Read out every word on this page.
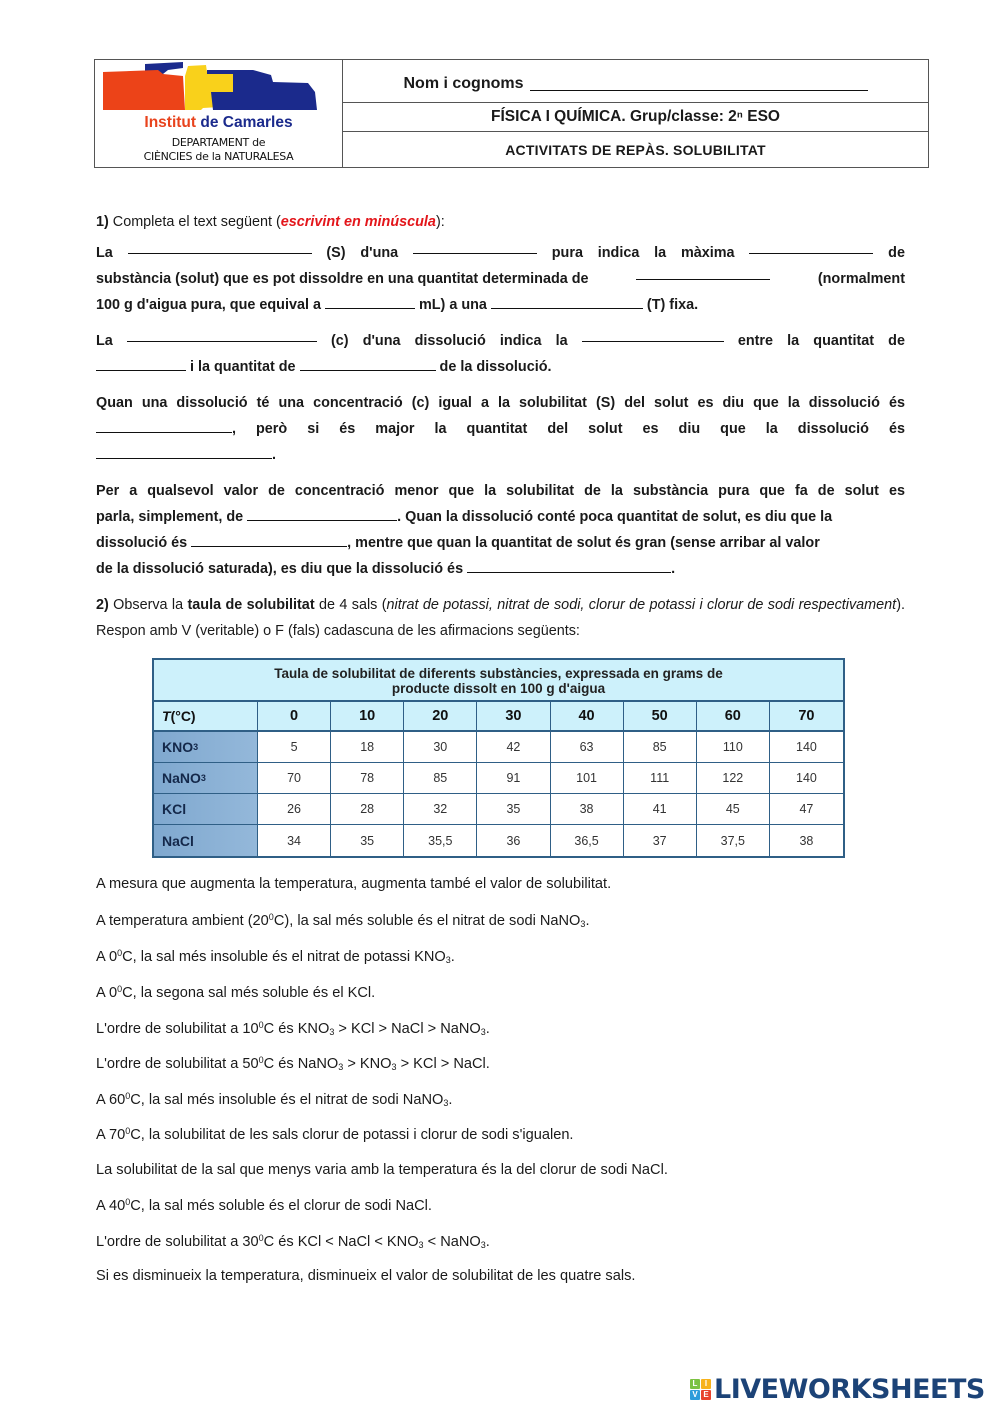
Institut de Camarles
DEPARTAMENT de
CIÈNCIES de la NATURALESA
Nom i cognoms
FÍSICA I QUÍMICA. Grup/classe: 2ⁿ ESO
ACTIVITATS DE REPÀS. SOLUBILITAT
1) Completa el text següent (escrivint en minúscula):
La	(S) d'una	pura indica la màxima	de
substància (solut) que es pot dissoldre en una quantitat determinada de	(normalment
100 g d'aigua pura, que equival a	mL) a una	(T) fixa.
La	(c) d'una dissolució indica la	entre la quantitat de
i la quantitat de	de la dissolució.
Quan una dissolució té una concentració (c) igual a la solubilitat (S) del solut es diu que la dissolució és
, però si és major la quantitat del solut es diu que la dissolució és
.
Per a qualsevol valor de concentració menor que la solubilitat de la substància pura que fa de solut es
parla, simplement, de	. Quan la dissolució conté poca quantitat de solut, es diu que la
dissolució és	, mentre que quan la quantitat de solut és gran (sense arribar al valor
de la dissolució saturada), es diu que la dissolució és	.
2) Observa la taula de solubilitat de 4 sals (nitrat de potassi, nitrat de sodi, clorur de potassi i clorur de sodi respectivament). Respon amb V (veritable) o F (fals) cadascuna de les afirmacions següents:
Taula de solubilitat de diferents substàncies, expressada en grams de
producte dissolt en 100 g d'aigua
T (°C)	0	10	20	30	40	50	60	70
KNO 3	5	18	30	42	63	85	110	140
NaNO 3	70	78	85	91	101	111	122	140
KCl	26	28	32	35	38	41	45	47
NaCl	34	35	35,5	36	36,5	37	37,5	38
A mesura que augmenta la temperatura, augmenta també el valor de solubilitat.
A temperatura ambient $(20^0C)$, la sal més soluble és el nitrat de sodi NaNO$_3$.
A $0^0C$, la sal més insoluble és el nitrat de potassi $KNO_3$.
A $0^0C$, la segona sal més soluble és el KCl.
L'ordre de solubilitat a $10^0C$ és $KNO_3$ > KCl > NaCl > NaNO$_3$.
L'ordre de solubilitat a $50^0C$ és NaNO$_3$ > $KNO_3$ > KCl > NaCl.
A $60^0C$, la sal més insoluble és el nitrat de sodi NaNO$_3$.
A $70^0C$, la solubilitat de les sals clorur de potassi i clorur de sodi s'igualen.
La solubilitat de la sal que menys varia amb la temperatura és la del clorur de sodi NaCl.
A $40^0C$, la sal més soluble és el clorur de sodi NaCl.
L'ordre de solubilitat a $30^0C$ és KCl < NaCl < $KNO_3$ < NaNO$_3$.
Si es disminueix la temperatura, disminueix el valor de solubilitat de les quatre sals.
L I
V E LIVEWORKSHEETS
